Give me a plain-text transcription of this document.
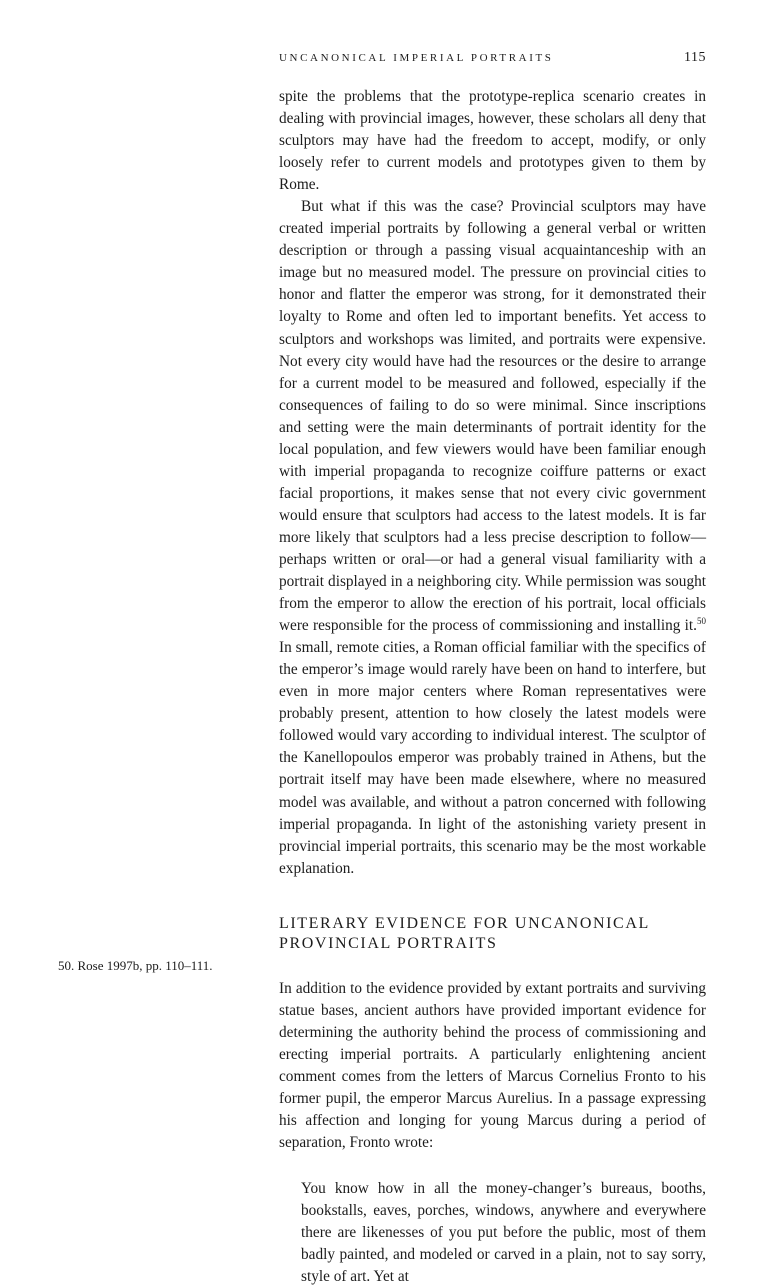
UNCANONICAL IMPERIAL PORTRAITS	115

spite the problems that the prototype-replica scenario creates in dealing with provincial images, however, these scholars all deny that sculptors may have had the freedom to accept, modify, or only loosely refer to current models and prototypes given to them by Rome.

But what if this was the case? Provincial sculptors may have created imperial portraits by following a general verbal or written description or through a passing visual acquaintanceship with an image but no measured model. The pressure on provincial cities to honor and flatter the emperor was strong, for it demonstrated their loyalty to Rome and often led to important benefits. Yet access to sculptors and workshops was limited, and portraits were expensive. Not every city would have had the resources or the desire to arrange for a current model to be measured and followed, especially if the consequences of failing to do so were minimal. Since inscriptions and setting were the main determinants of portrait identity for the local population, and few viewers would have been familiar enough with imperial propaganda to recognize coiffure patterns or exact facial proportions, it makes sense that not every civic government would ensure that sculptors had access to the latest models. It is far more likely that sculptors had a less precise description to follow—perhaps written or oral—or had a general visual familiarity with a portrait displayed in a neighboring city. While permission was sought from the emperor to allow the erection of his portrait, local officials were responsible for the process of commissioning and installing it.$^{50}$ In small, remote cities, a Roman official familiar with the specifics of the emperor’s image would rarely have been on hand to interfere, but even in more major centers where Roman representatives were probably present, attention to how closely the latest models were followed would vary according to individual interest. The sculptor of the Kanellopoulos emperor was probably trained in Athens, but the portrait itself may have been made elsewhere, where no measured model was available, and without a patron concerned with following imperial propaganda. In light of the astonishing variety present in provincial imperial portraits, this scenario may be the most workable explanation.

LITERARY EVIDENCE FOR UNCANONICAL
PROVINCIAL PORTRAITS

In addition to the evidence provided by extant portraits and surviving statue bases, ancient authors have provided important evidence for determining the authority behind the process of commissioning and erecting imperial portraits. A particularly enlightening ancient comment comes from the letters of Marcus Cornelius Fronto to his former pupil, the emperor Marcus Aurelius. In a passage expressing his affection and longing for young Marcus during a period of separation, Fronto wrote:

You know how in all the money-changer’s bureaus, booths, bookstalls, eaves, porches, windows, anywhere and everywhere there are likenesses of you put before the public, most of them badly painted, and modeled or carved in a plain, not to say sorry, style of art. Yet at

50. Rose 1997b, pp. 110–111.
